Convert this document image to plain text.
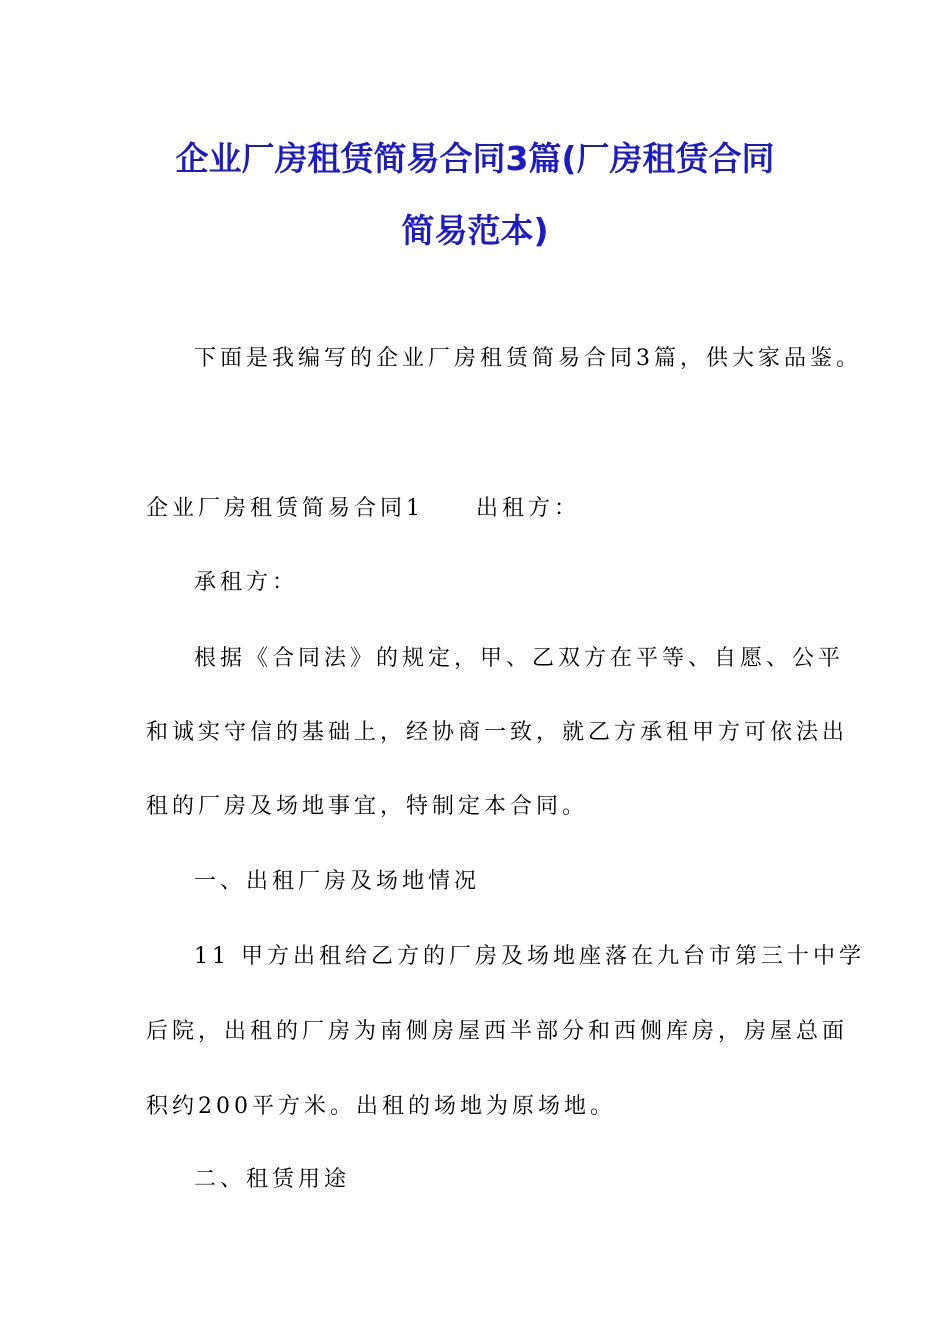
企业厂房租赁简易合同3篇(厂房租赁合同
简易范本)
下面是我编写的企业厂房租赁简易合同3篇，供大家品鉴。
企业厂房租赁简易合同1 出租方：
承租方：
根据《合同法》的规定，甲、乙双方在平等、自愿、公平
和诚实守信的基础上，经协商一致，就乙方承租甲方可依法出
租的厂房及场地事宜，特制定本合同。
一、出租厂房及场地情况
11 甲方出租给乙方的厂房及场地座落在九台市第三十中学
后院，出租的厂房为南侧房屋西半部分和西侧库房，房屋总面
积约200平方米。出租的场地为原场地。
二、租赁用途
